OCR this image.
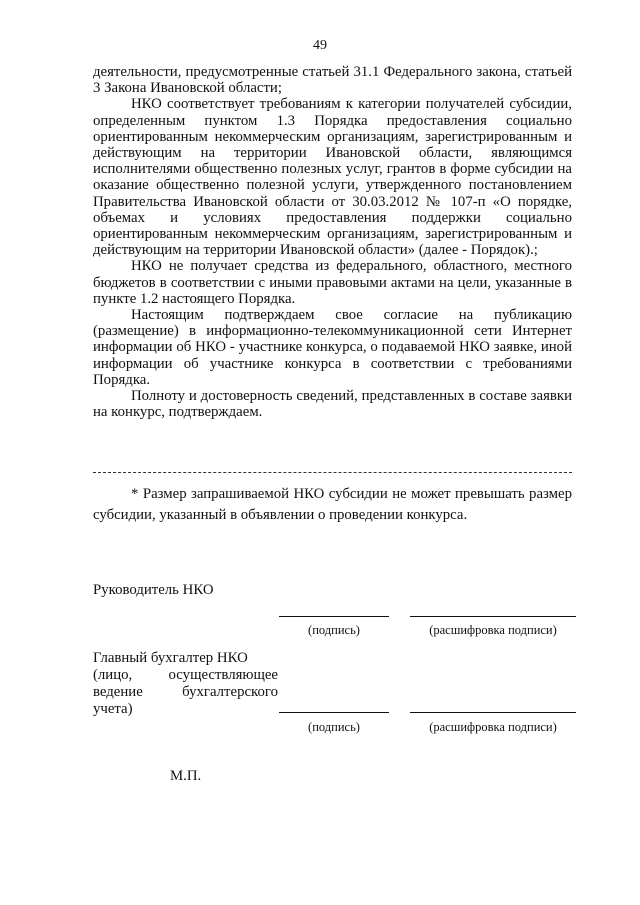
49

деятельности, предусмотренные статьей 31.1 Федерального закона, статьей 3 Закона Ивановской области;

НКО соответствует требованиям к категории получателей субсидии, определенным пунктом 1.3 Порядка предоставления социально ориентированным некоммерческим организациям, зарегистрированным и действующим на территории Ивановской области, являющимся исполнителями общественно полезных услуг, грантов в форме субсидии на оказание общественно полезной услуги, утвержденного постановлением Правительства Ивановской области от 30.03.2012 № 107-п «О порядке, объемах и условиях предоставления поддержки социально ориентированным некоммерческим организациям, зарегистрированным и действующим на территории Ивановской области» (далее - Порядок).;

НКО не получает средства из федерального, областного, местного бюджетов в соответствии с иными правовыми актами на цели, указанные в пункте 1.2 настоящего Порядка.

Настоящим подтверждаем свое согласие на публикацию (размещение) в информационно-телекоммуникационной сети Интернет информации об НКО - участнике конкурса, о подаваемой НКО заявке, иной информации об участнике конкурса в соответствии с требованиями Порядка.

Полноту и достоверность сведений, представленных в составе заявки на конкурс, подтверждаем.

* Размер запрашиваемой НКО субсидии не может превышать размер субсидии, указанный в объявлении о проведении конкурса.
Руководитель НКО
(подпись)	(расшифровка подписи)
Главный бухгалтер НКО
(лицо, осуществляющее
ведение	бухгалтерского
учета)
(подпись)	(расшифровка подписи)
М.П.
